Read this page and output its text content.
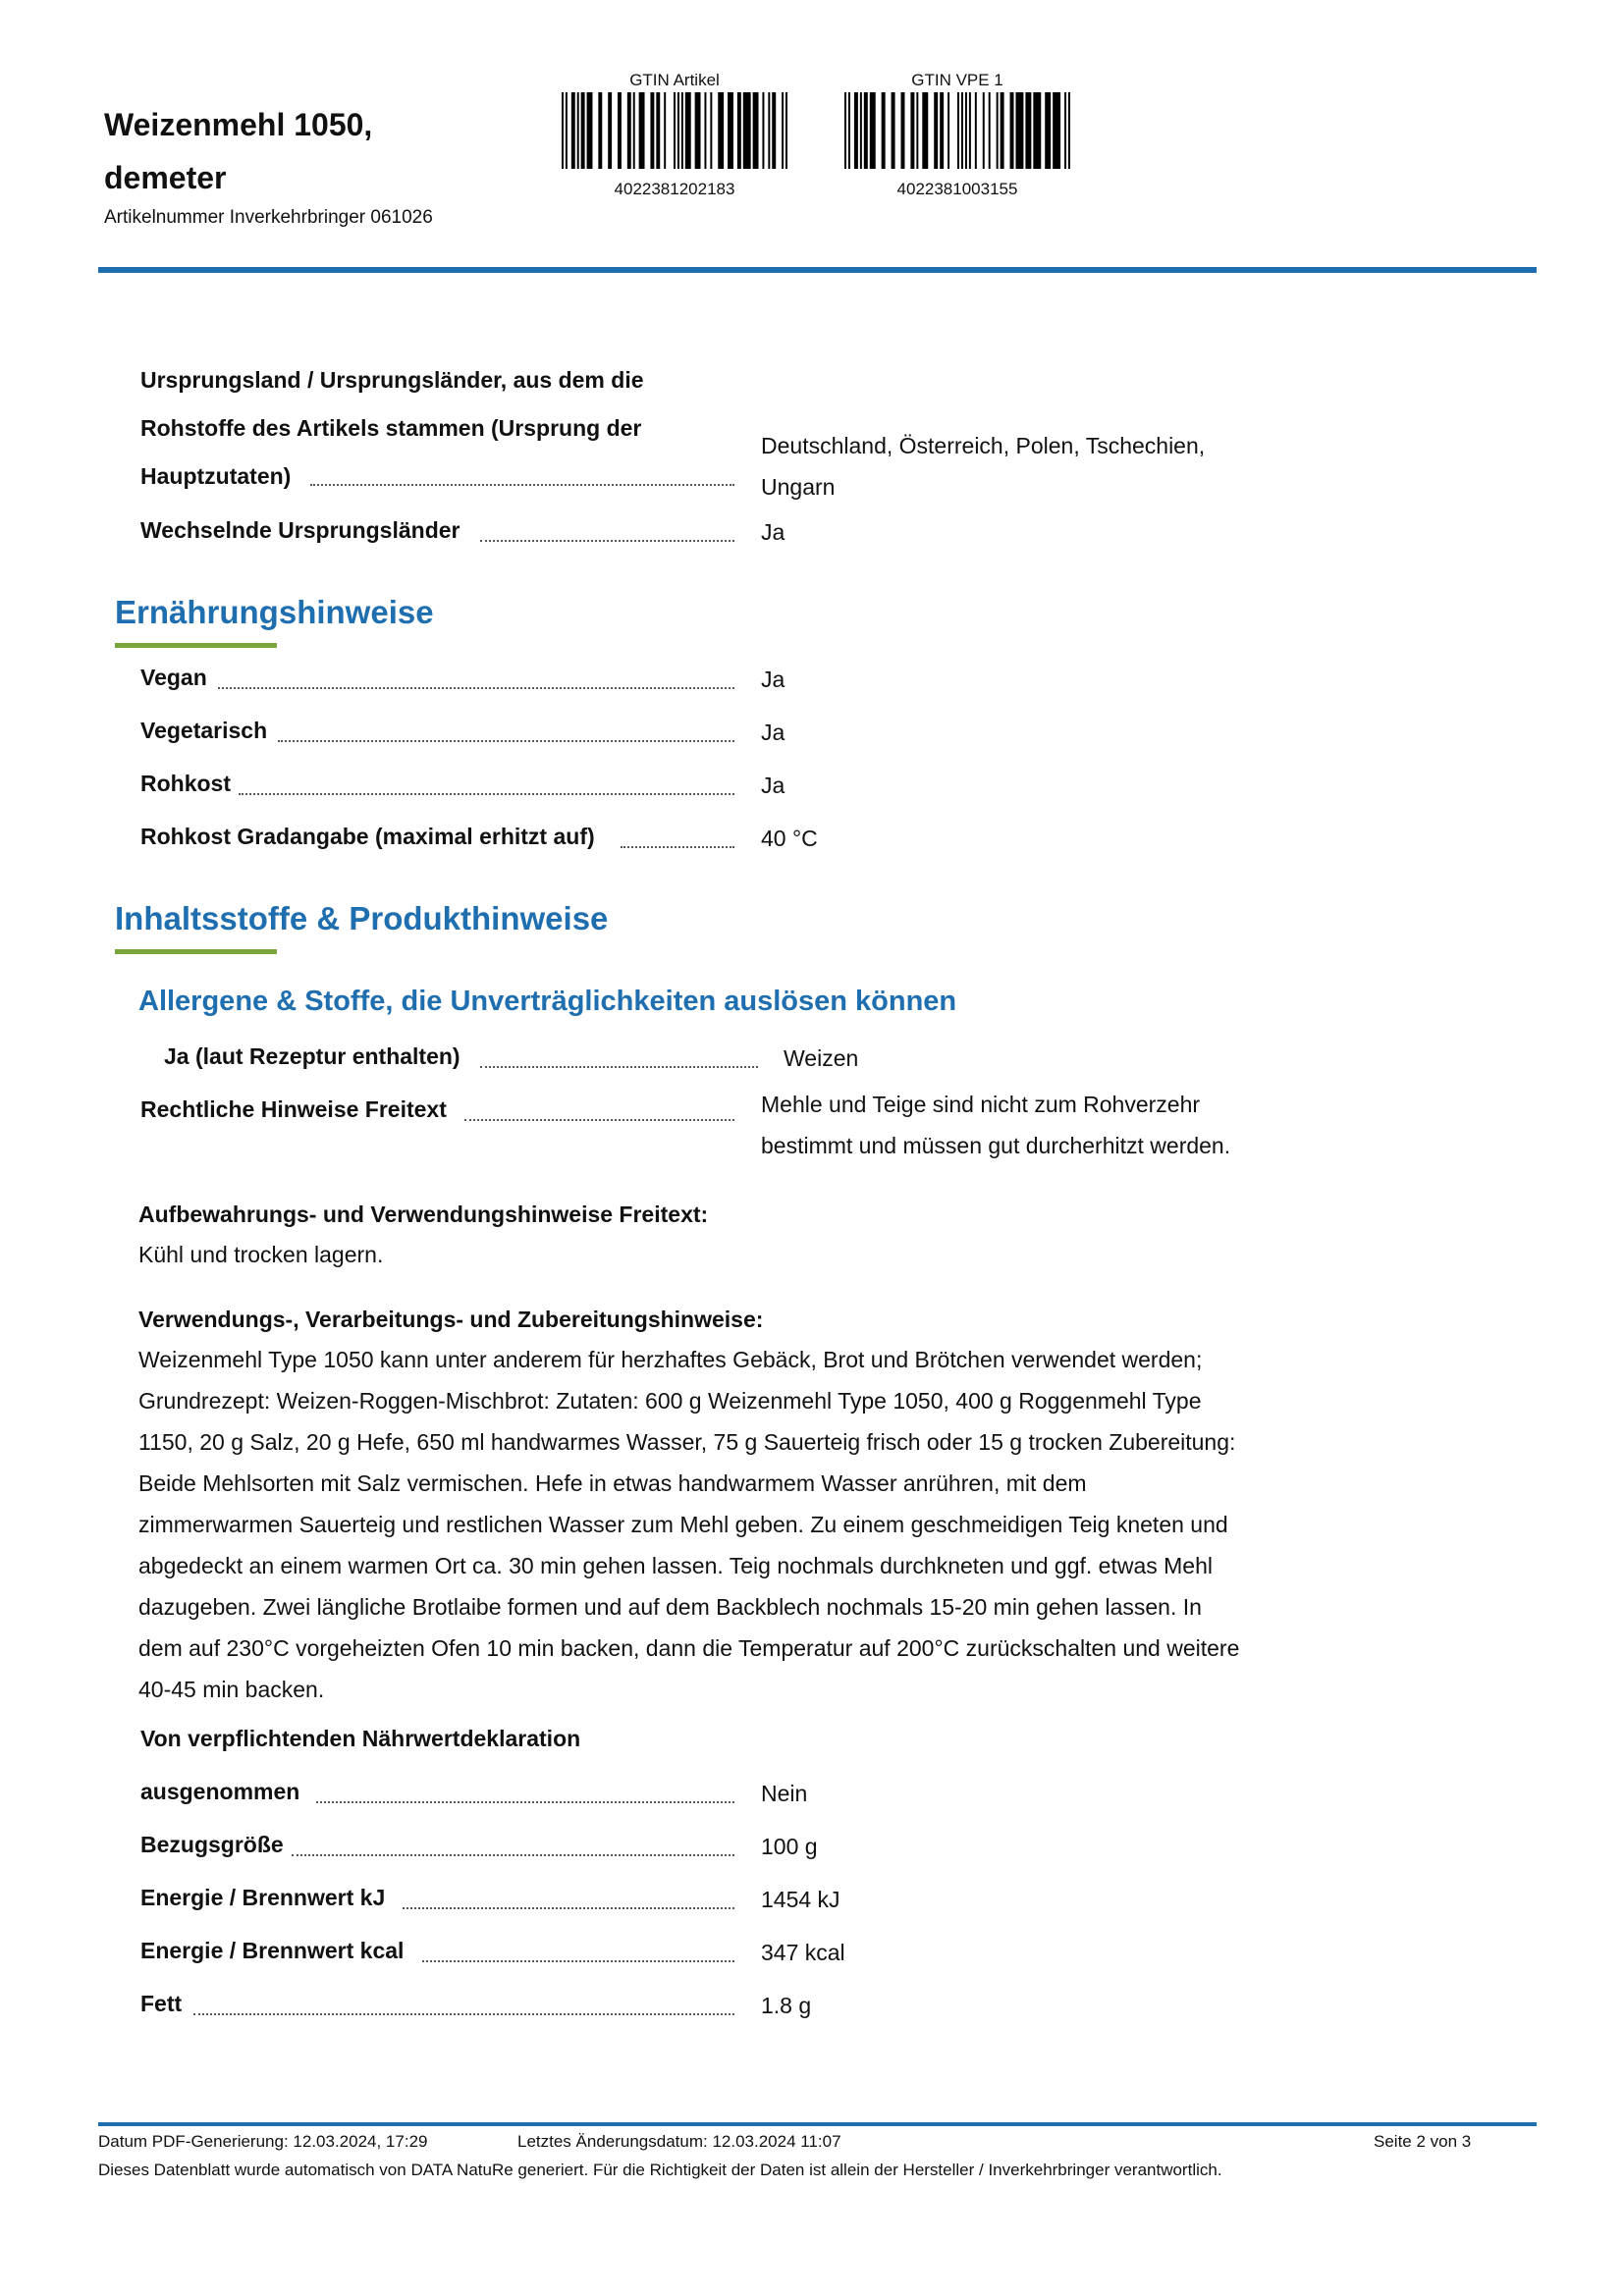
Weizenmehl 1050,
demeter
Artikelnummer Inverkehrbringer 061026
GTIN Artikel
4022381202183
GTIN VPE 1
4022381003155
Ursprungsland / Ursprungsländer, aus dem die
Rohstoffe des Artikels stammen (Ursprung der
Hauptzutaten)
Deutschland, Österreich, Polen, Tschechien,
Ungarn
Wechselnde Ursprungsländer	Ja
Ernährungshinweise
Vegan	Ja
Vegetarisch	Ja
Rohkost	Ja
Rohkost Gradangabe (maximal erhitzt auf)	40 °C
Inhaltsstoffe & Produkthinweise
Allergene & Stoffe, die Unverträglichkeiten auslösen können
Ja (laut Rezeptur enthalten)	Weizen
Rechtliche Hinweise Freitext	Mehle und Teige sind nicht zum Rohverzehr
bestimmt und müssen gut durcherhitzt werden.
Aufbewahrungs- und Verwendungshinweise Freitext:
Kühl und trocken lagern.
Verwendungs-, Verarbeitungs- und Zubereitungshinweise:
Weizenmehl Type 1050 kann unter anderem für herzhaftes Gebäck, Brot und Brötchen verwendet werden;
Grundrezept: Weizen-Roggen-Mischbrot: Zutaten: 600 g Weizenmehl Type 1050, 400 g Roggenmehl Type
1150, 20 g Salz, 20 g Hefe, 650 ml handwarmes Wasser, 75 g Sauerteig frisch oder 15 g trocken Zubereitung:
Beide Mehlsorten mit Salz vermischen. Hefe in etwas handwarmem Wasser anrühren, mit dem
zimmerwarmen Sauerteig und restlichen Wasser zum Mehl geben. Zu einem geschmeidigen Teig kneten und
abgedeckt an einem warmen Ort ca. 30 min gehen lassen. Teig nochmals durchkneten und ggf. etwas Mehl
dazugeben. Zwei längliche Brotlaibe formen und auf dem Backblech nochmals 15-20 min gehen lassen. In
dem auf 230°C vorgeheizten Ofen 10 min backen, dann die Temperatur auf 200°C zurückschalten und weitere
40-45 min backen.
Von verpflichtenden Nährwertdeklaration
ausgenommen	Nein
Bezugsgröße	100 g
Energie / Brennwert kJ	1454 kJ
Energie / Brennwert kcal	347 kcal
Fett	1.8 g
Datum PDF-Generierung: 12.03.2024, 17:29	Letztes Änderungsdatum: 12.03.2024 11:07	Seite 2 von 3
Dieses Datenblatt wurde automatisch von DATA NatuRe generiert. Für die Richtigkeit der Daten ist allein der Hersteller / Inverkehrbringer verantwortlich.
